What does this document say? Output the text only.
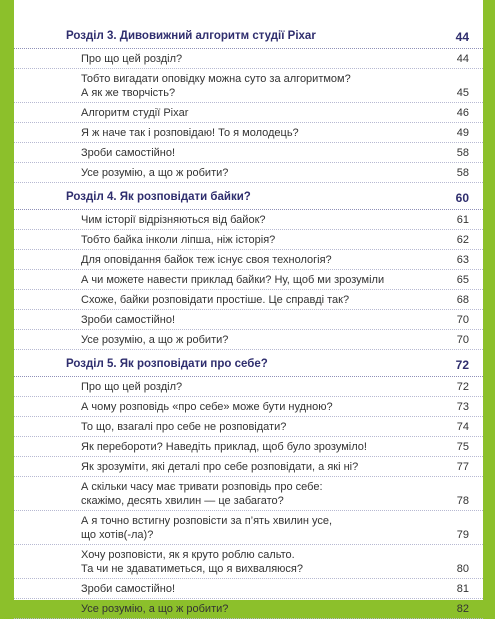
Розділ 3. Дивовижний алгоритм студії Pixar	44
Про що цей розділ?	44
Тобто вигадати оповідку можна суто за алгоритмом?
А як же творчість?	45
Алгоритм студії Pixar	46
Я ж наче так і розповідаю! То я молодець?	49
Зроби самостійно!	58
Усе розумію, а що ж робити?	58
Розділ 4. Як розповідати байки?	60
Чим історії відрізняються від байок?	61
Тобто байка інколи ліпша, ніж історія?	62
Для оповідання байок теж існує своя технологія?	63
А чи можете навести приклад байки? Ну, щоб ми зрозуміли	65
Схоже, байки розповідати простіше. Це справді так?	68
Зроби самостійно!	70
Усе розумію, а що ж робити?	70
Розділ 5. Як розповідати про себе?	72
Про що цей розділ?	72
А чому розповідь «про себе» може бути нудною?	73
То що, взагалі про себе не розповідати?	74
Як перебороти? Наведіть приклад, щоб було зрозуміло!	75
Як зрозуміти, які деталі про себе розповідати, а які ні?	77
А скільки часу має тривати розповідь про себе:
скажімо, десять хвилин — це забагато?	78
А я точно встигну розповісти за п’ять хвилин усе,
що хотів(-ла)?	79
Хочу розповісти, як я круто роблю сальто.
Та чи не здаватиметься, що я вихваляюся?	80
Зроби самостійно!	81
Усе розумію, а що ж робити?	82
